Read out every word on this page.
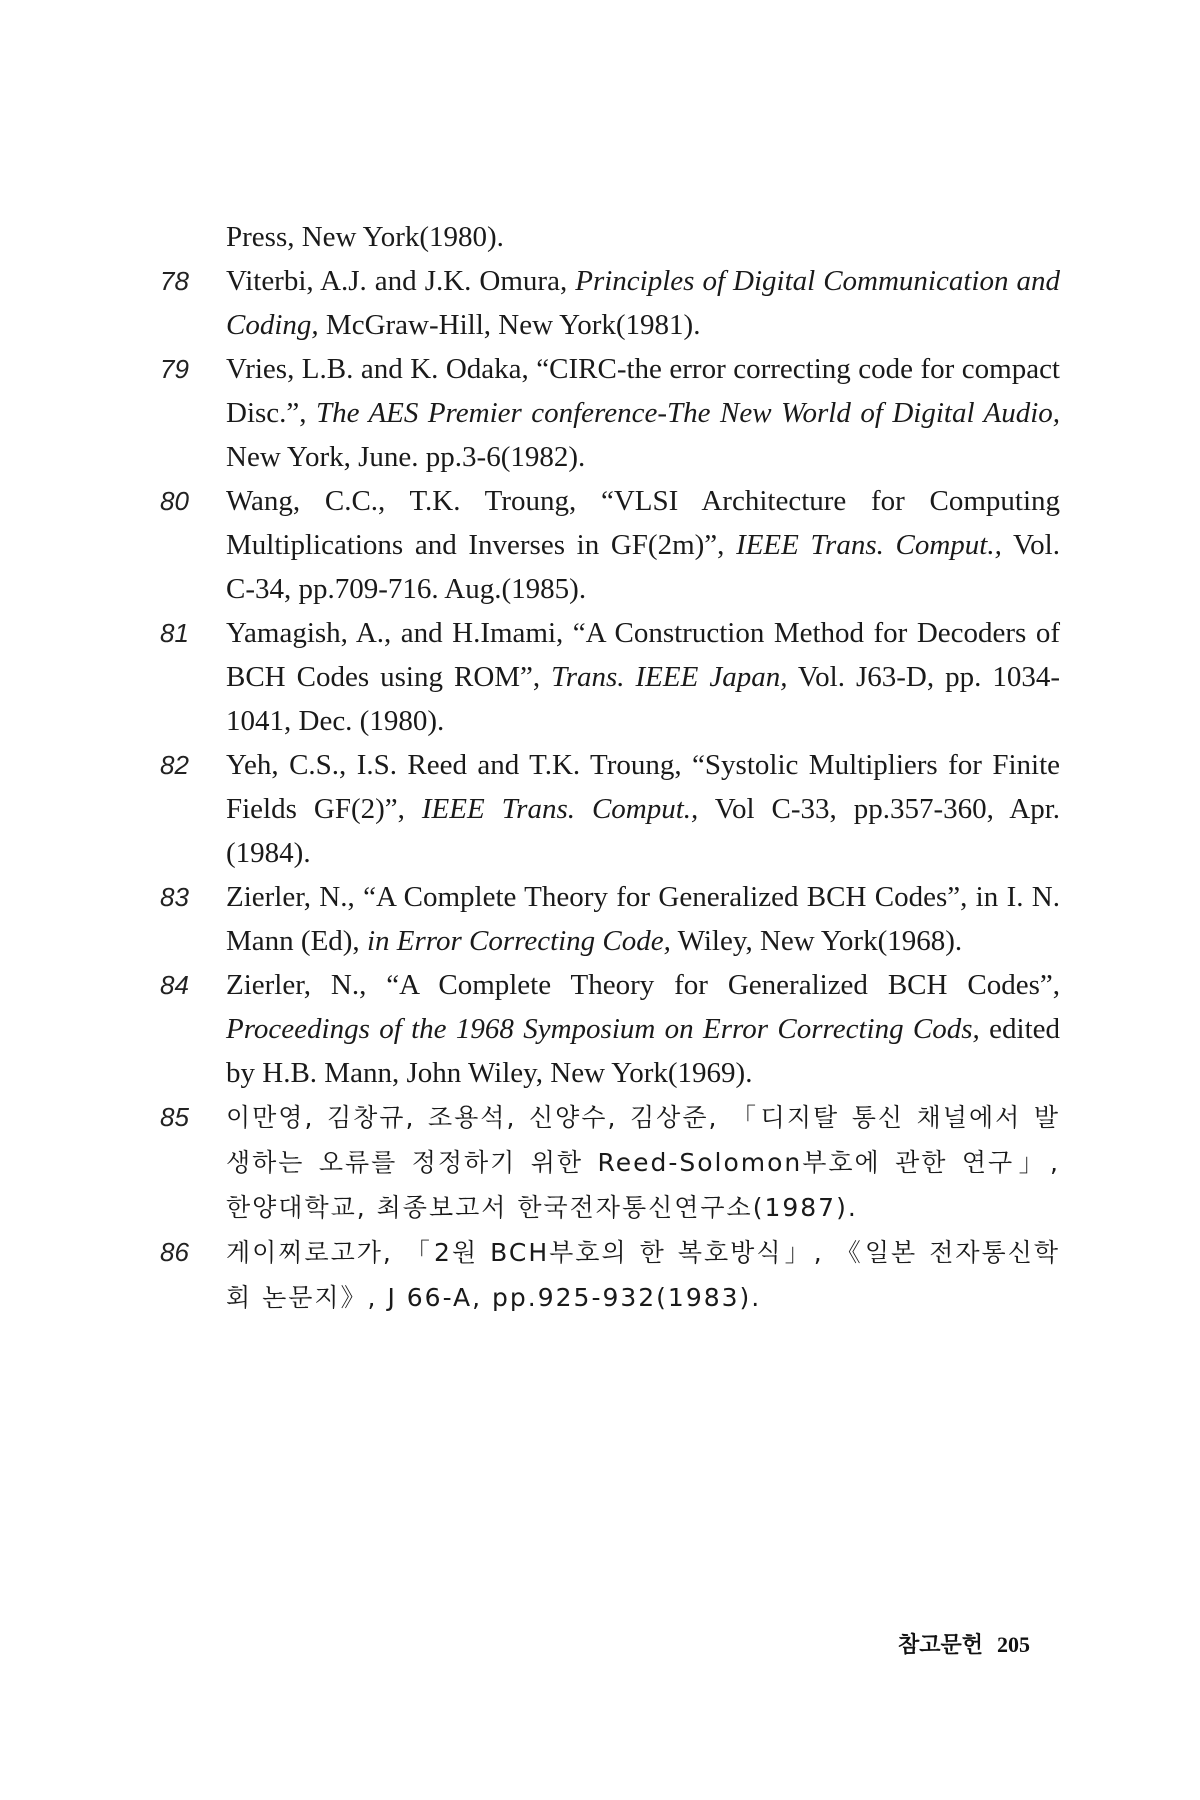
Press, New York(1980).
78 Viterbi, A.J. and J.K. Omura, Principles of Digital Communication and Coding, McGraw-Hill, New York(1981).
79 Vries, L.B. and K. Odaka, “CIRC-the error correcting code for compact Disc.”, The AES Premier conference-The New World of Digital Audio, New York, June. pp.3-6(1982).
80 Wang, C.C., T.K. Troung, “VLSI Architecture for Computing Multiplications and Inverses in GF(2m)”, IEEE Trans. Comput., Vol. C-34, pp.709-716. Aug.(1985).
81 Yamagish, A., and H.Imami, “A Construction Method for Decoders of BCH Codes using ROM”, Trans. IEEE Japan, Vol. J63-D, pp. 1034-1041, Dec. (1980).
82 Yeh, C.S., I.S. Reed and T.K. Troung, “Systolic Multipliers for Finite Fields GF(2)”, IEEE Trans. Comput., Vol C-33, pp.357-360, Apr. (1984).
83 Zierler, N., “A Complete Theory for Generalized BCH Codes”, in I. N. Mann (Ed), in Error Correcting Code, Wiley, New York(1968).
84 Zierler, N., “A Complete Theory for Generalized BCH Codes”, Proceedings of the 1968 Symposium on Error Correcting Cods, edited by H.B. Mann, John Wiley, New York(1969).
85 이만영, 김창규, 조용석, 신양수, 김상준, 「디지탈 통신 채널에서 발생하는 오류를 정정하기 위한 Reed-Solomon부호에 관한 연구」, 한양대학교, 최종보고서 한국전자통신연구소(1987).
86 게이찌로고가, 「2원 BCH부호의 한 복호방식」, 《일본 전자통신학회 논문지》, J 66-A, pp.925-932(1983).
참고문헌 205
